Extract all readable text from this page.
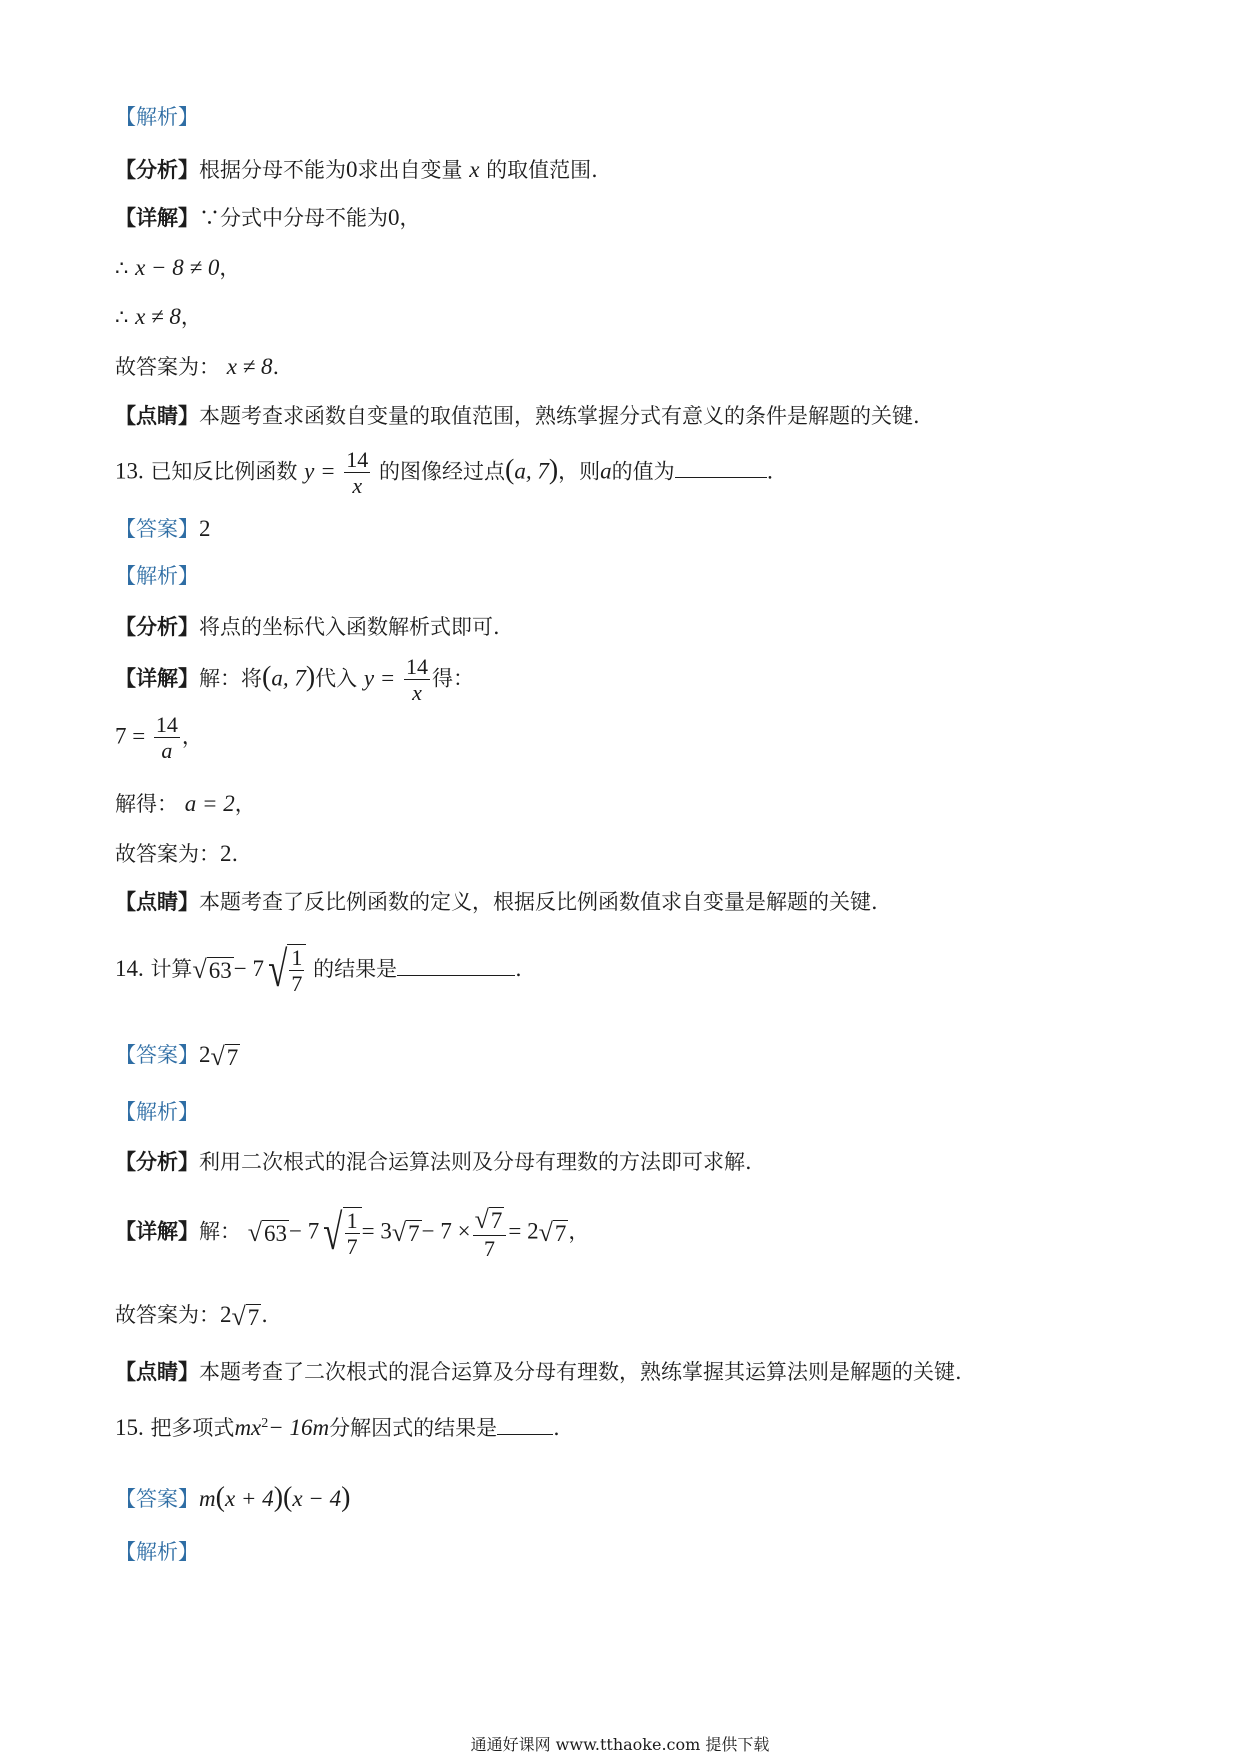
【解析】
【分析】根据分母不能为0求出自变量 x 的取值范围.
【详解】∵分式中分母不能为0，
∴ x − 8 ≠ 0，
∴ x ≠ 8，
故答案为： x ≠ 8.
【点睛】本题考查求函数自变量的取值范围，熟练掌握分式有意义的条件是解题的关键.
13. 已知反比例函数 $y = \frac{14}{x}$ 的图像经过点(a, 7)，则a的值为	.
【答案】2
【解析】
【分析】将点的坐标代入函数解析式即可.
【详解】解：将(a, 7)代入 $y = \frac{14}{x}$ 得：
$7 = \frac{14}{a}$ ，
解得： a = 2，
故答案为：2.
【点睛】本题考查了反比例函数的定义，根据反比例函数值求自变量是解题的关键.
14. 计算√63− 7 √ $\frac{1}{7}$ 的结果是	.
【答案】2√7
【解析】
【分析】利用二次根式的混合运算法则及分母有理数的方法即可求解.
【详解】解： √63− 7 √ $\frac{1}{7} = 3√7- 7 \times \frac{√7}{7} = 2√7$，
故答案为：2√7.
【点睛】本题考查了二次根式的混合运算及分母有理数，熟练掌握其运算法则是解题的关键.
15. 把多项式$mx^2- 16m$分解因式的结果是	.
【答案】m(x + 4)(x − 4)
【解析】
通通好课网 www.tthaoke.com 提供下载
